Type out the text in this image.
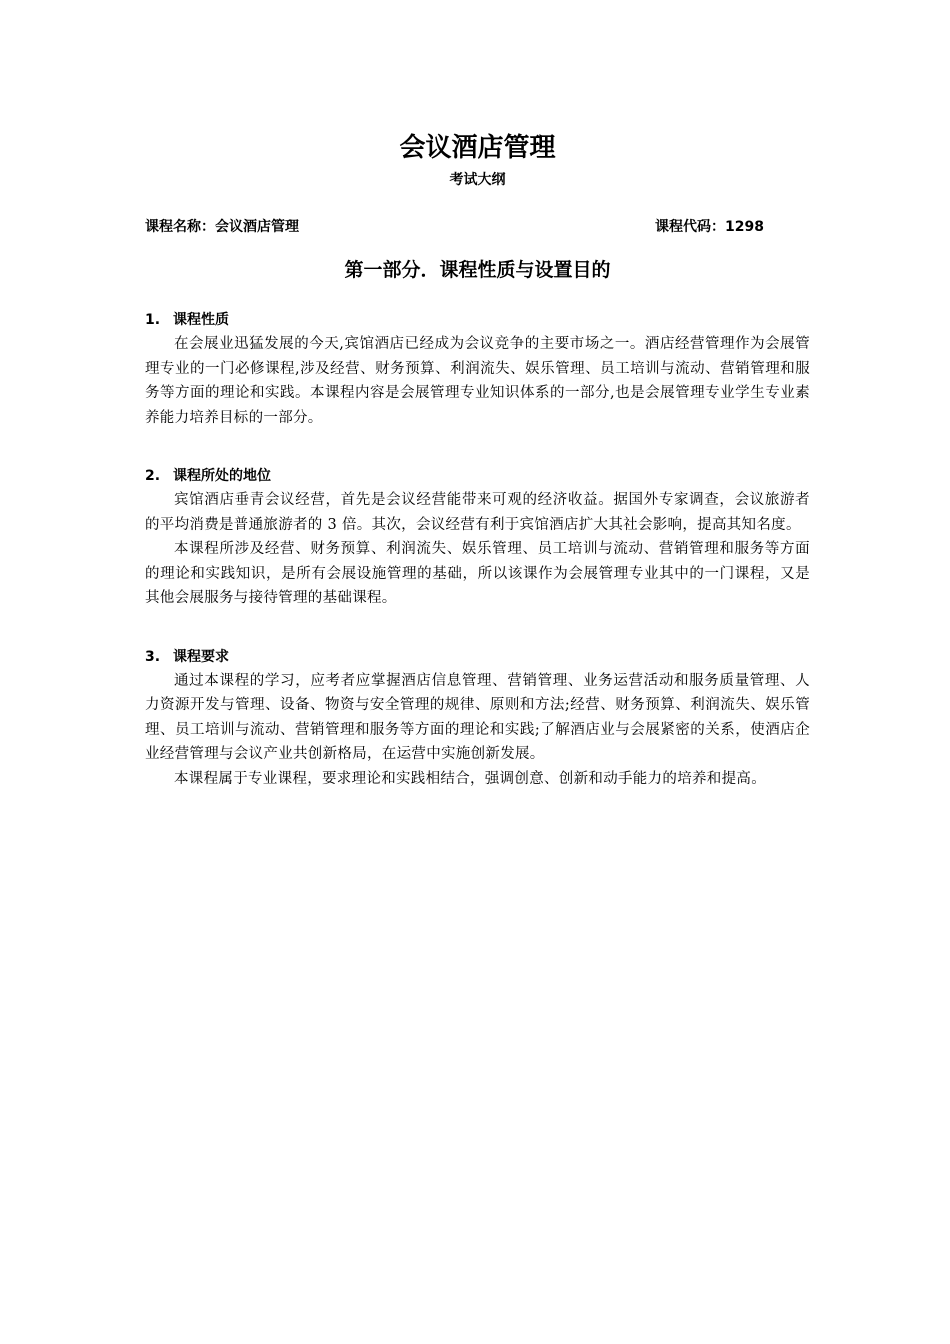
会议酒店管理
考试大纲
课程名称：会议酒店管理	课程代码：1298
第一部分．课程性质与设置目的
1. 课程性质

在会展业迅猛发展的今天,宾馆酒店已经成为会议竞争的主要市场之一。酒店经营管理作为会展管理专业的一门必修课程,涉及经营、财务预算、利润流失、娱乐管理、员工培训与流动、营销管理和服务等方面的理论和实践。本课程内容是会展管理专业知识体系的一部分,也是会展管理专业学生专业素养能力培养目标的一部分。

2. 课程所处的地位

宾馆酒店垂青会议经营，首先是会议经营能带来可观的经济收益。据国外专家调查，会议旅游者的平均消费是普通旅游者的 3 倍。其次，会议经营有利于宾馆酒店扩大其社会影响，提高其知名度。

本课程所涉及经营、财务预算、利润流失、娱乐管理、员工培训与流动、营销管理和服务等方面的理论和实践知识，是所有会展设施管理的基础，所以该课作为会展管理专业其中的一门课程，又是其他会展服务与接待管理的基础课程。

3. 课程要求

通过本课程的学习，应考者应掌握酒店信息管理、营销管理、业务运营活动和服务质量管理、人力资源开发与管理、设备、物资与安全管理的规律、原则和方法;经营、财务预算、利润流失、娱乐管理、员工培训与流动、营销管理和服务等方面的理论和实践;了解酒店业与会展紧密的关系，使酒店企业经营管理与会议产业共创新格局，在运营中实施创新发展。

本课程属于专业课程，要求理论和实践相结合，强调创意、创新和动手能力的培养和提高。
